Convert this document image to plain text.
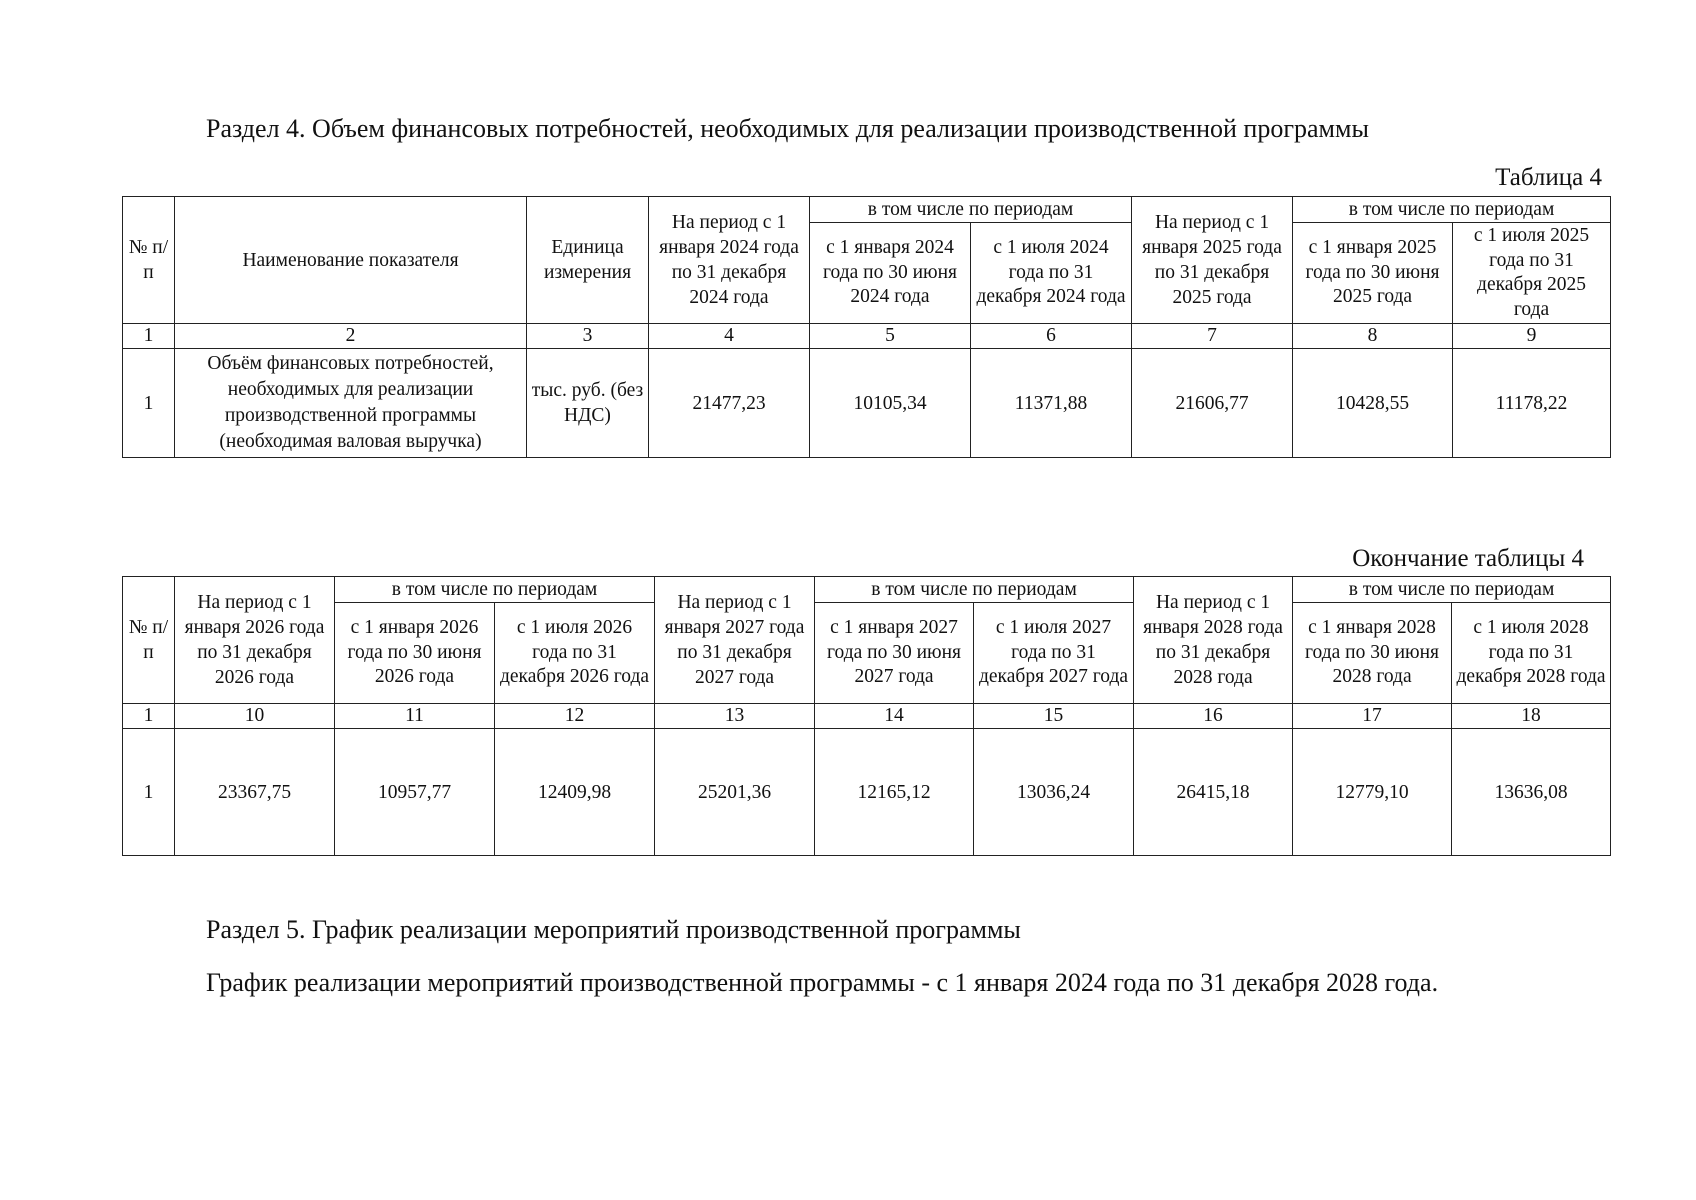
Раздел 4. Объем финансовых потребностей, необходимых для реализации производственной программы
Таблица 4
№ п/п	Наименование показателя	Единица измерения	На период с 1 января 2024 года по 31 декабря 2024 года	в том числе по периодам		На период с 1 января 2025 года по 31 декабря 2025 года	в том числе по периодам	
				с 1 января 2024 года по 30 июня 2024 года	с 1 июля 2024 года по 31 декабря 2024 года		с 1 января 2025 года по 30 июня 2025 года	с 1 июля 2025 года по 31 декабря 2025 года
1	2	3	4	5	6	7	8	9
1	Объём финансовых потребностей, необходимых для реализации производственной программы (необходимая валовая выручка)	тыс. руб. (без НДС)	21477,23	10105,34	11371,88	21606,77	10428,55	11178,22
Окончание таблицы 4
№ п/п	На период с 1 января 2026 года по 31 декабря 2026 года	в том числе по периодам		На период с 1 января 2027 года по 31 декабря 2027 года	в том числе по периодам		На период с 1 января 2028 года по 31 декабря 2028 года	в том числе по периодам	
		с 1 января 2026 года по 30 июня 2026 года	с 1 июля 2026 года по 31 декабря 2026 года		с 1 января 2027 года по 30 июня 2027 года	с 1 июля 2027 года по 31 декабря 2027 года		с 1 января 2028 года по 30 июня 2028 года	с 1 июля 2028 года по 31 декабря 2028 года
1	10	11	12	13	14	15	16	17	18
1	23367,75	10957,77	12409,98	25201,36	12165,12	13036,24	26415,18	12779,10	13636,08
Раздел 5. График реализации мероприятий производственной программы
График реализации мероприятий производственной программы - с 1 января 2024 года по 31 декабря 2028 года.
